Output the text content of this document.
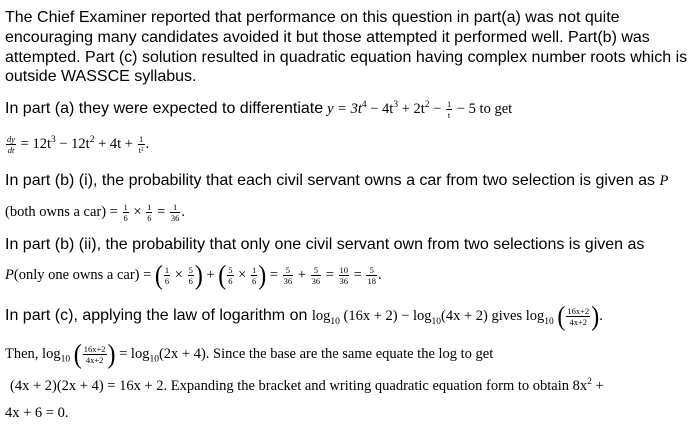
The Chief Examiner reported that performance on this question in part(a) was not quite
encouraging many candidates avoided it but those attempted it performed well. Part(b) was
attempted. Part (c) solution resulted in quadratic equation having complex number roots which is
outside WASSCE syllabus.
In part (a) they were expected to differentiate $y = 3t^4 - 4t^3 + 2t^2 - \frac{1}{t} - 5$ to get
$\frac{dy}{dt} = 12t^3 - 12t^2 + 4t + \frac{1}{\text{t²}}$ .
In part (b) (i), the probability that each civil servant owns a car from two selection is given as P
(both owns a $car) = \frac{1}{6} \times \frac{1}{6} = \frac{1}{36}$ .
In part (b) (ii), the probability that only one civil servant own from two selections is given as
P(only one owns a car) = ( $\frac{1}{6} \times \frac{5}{6}$ ) + ( $\frac{5}{6} \times \frac{1}{6}$ ) = $\frac{5}{36} + \frac{5}{36} = \frac{10}{36} = \frac{5}{18}$ .
In part (c), applying the law of logarithm on $\log_{10} (16x + 2) - \log_{10}(4x + 2)$ gives $\log_{10}$ ( $\frac{16x+2}{4x+2}$ ).
Then, $\log_{10}$ ( $\frac{16x+2}{4x+2}$ ) = $\log_{10}(2x + 4)$. Since the base are the same equate the log to get
(4x + 2)(2x + 4) = 16x + 2. Expanding the bracket and writing quadratic equation form to obtain $8x^2$ +
4x + 6 = 0.
